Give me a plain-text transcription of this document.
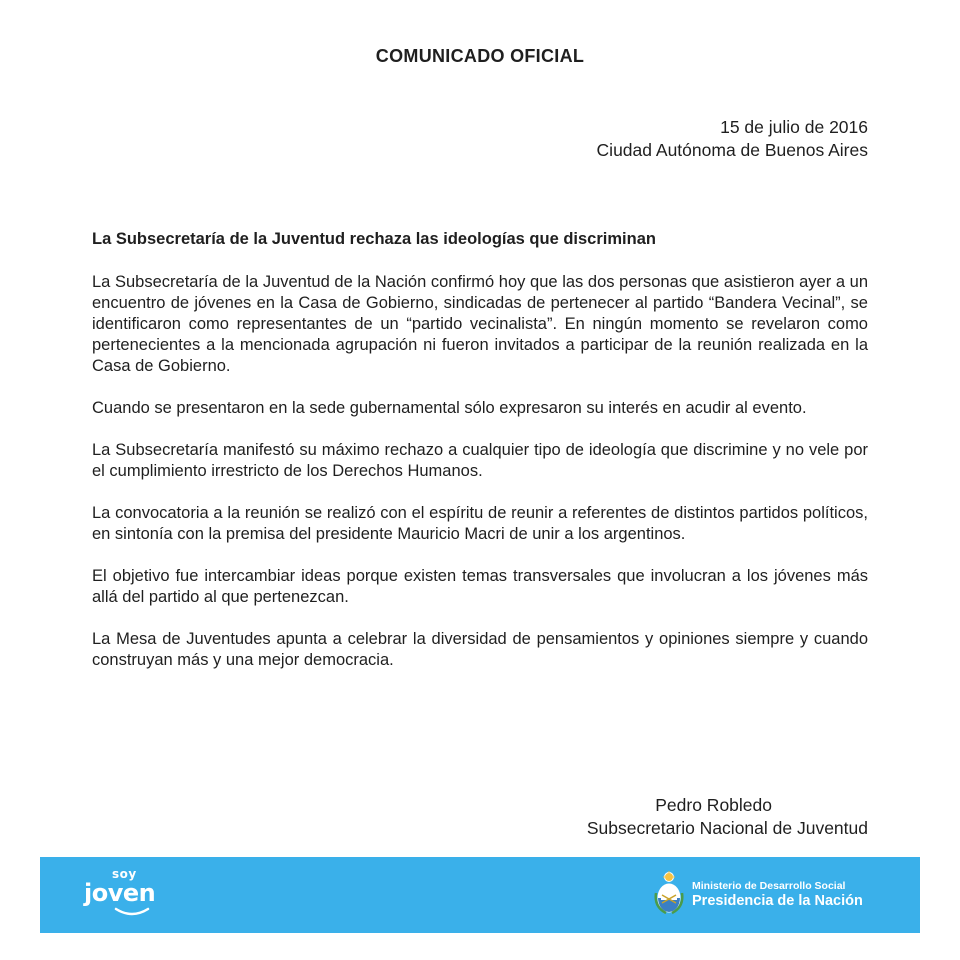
COMUNICADO OFICIAL
15 de julio de 2016
Ciudad Autónoma de Buenos Aires
La Subsecretaría de la Juventud rechaza las ideologías que discriminan

La Subsecretaría de la Juventud de la Nación confirmó hoy que las dos personas que asistieron ayer a un encuentro de jóvenes en la Casa de Gobierno, sindicadas de pertenecer al partido “Bandera Vecinal”, se identificaron como representantes de un “partido vecinalista”. En ningún momento se revelaron como pertenecientes a la mencionada agrupación ni fueron invitados a participar de la reunión realizada en la Casa de Gobierno.

Cuando se presentaron en la sede gubernamental sólo expresaron su interés en acudir al evento.

La Subsecretaría manifestó su máximo rechazo a cualquier tipo de ideología que discrimine y no vele por el cumplimiento irrestricto de los Derechos Humanos.

La convocatoria a la reunión se realizó con el espíritu de reunir a referentes de distintos partidos políticos, en sintonía con la premisa del presidente Mauricio Macri de unir a los argentinos.

El objetivo fue intercambiar ideas porque existen temas transversales que involucran a los jóvenes más allá del partido al que pertenezcan.

La Mesa de Juventudes apunta a celebrar la diversidad de pensamientos y opiniones siempre y cuando construyan más y una mejor democracia.

Pedro Robledo
Subsecretario Nacional de Juventud
soy
joven	Ministerio de Desarrollo Social
Presidencia de la Nación
